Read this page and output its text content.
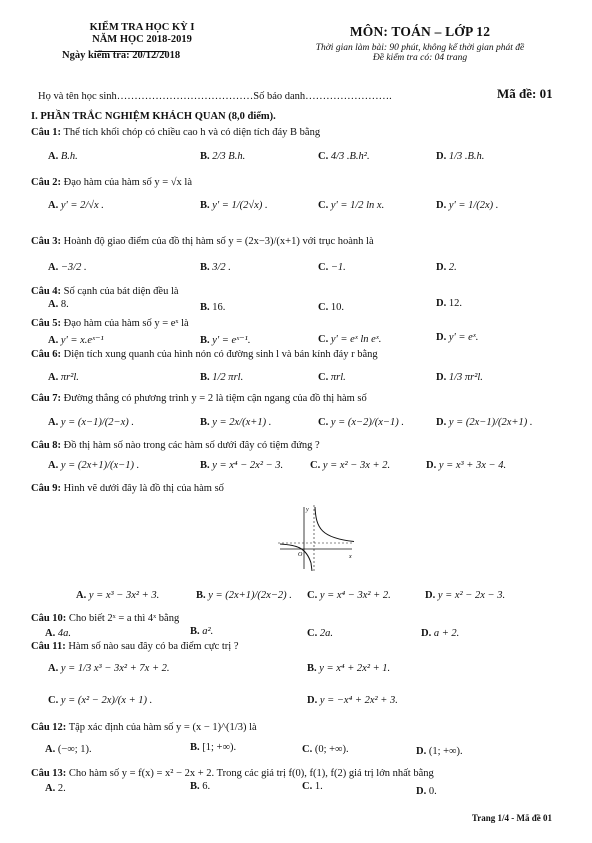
KIỂM TRA HỌC KỲ I
NĂM HỌC 2018-2019
Ngày kiểm tra: 20/12/2018
MÔN: TOÁN – LỚP 12
Thời gian làm bài: 90 phút, không kể thời gian phát đề
Đề kiểm tra có: 04 trang
Họ và tên học sinh…………………………………Số báo danh…………………….	Mã đề: 01
I. PHẦN TRẮC NGHIỆM KHÁCH QUAN (8,0 điểm).
Câu 1: Thể tích khối chóp có chiều cao h và có diện tích đáy B bằng
A. B.h.	B. 2/3 B.h.	C. 4/3 .B.h².	D. 1/3 .B.h.
Câu 2: Đạo hàm của hàm số y = √x là
A. y' = 2/√x .	B. y' = 1/(2√x) .	C. y' = 1/2 ln x.	D. y' = 1/(2x) .
Câu 3: Hoành độ giao điểm của đồ thị hàm số y = (2x−3)/(x+1) với trục hoành là
A. −3/2 .	B. 3/2 .	C. −1.	D. 2.
Câu 4: Số cạnh của bát diện đều là
A. 8.	B. 16.	C. 10.	D. 12.
Câu 5: Đạo hàm của hàm số y = eˣ là
A. y' = x.eˣ⁻¹	B. y' = eˣ⁻¹.	C. y' = eˣ ln eˣ.	D. y' = eˣ.
Câu 6: Diện tích xung quanh của hình nón có đường sinh l và bán kính đáy r bằng
A. πr²l.	B. 1/2 πrl.	C. πrl.	D. 1/3 πr²l.
Câu 7: Đường thẳng có phương trình y = 2 là tiệm cận ngang của đồ thị hàm số
A. y = (x−1)/(2−x) .	B. y = 2x/(x+1) .	C. y = (x−2)/(x−1) .	D. y = (2x−1)/(2x+1) .
Câu 8: Đồ thị hàm số nào trong các hàm số dưới đây có tiệm đứng ?
A. y = (2x+1)/(x−1) .	B. y = x⁴ − 2x² − 3.	C. y = x² − 3x + 2.	D. y = x³ + 3x − 4.
Câu 9: Hình vẽ dưới đây là đồ thị của hàm số
x
y
O
A. y = x³ − 3x² + 3.	B. y = (2x+1)/(2x−2) . C. y = x⁴ − 3x² + 2.	D. y = x² − 2x − 3.
Câu 10: Cho biết 2ˣ = a thì 4ˣ bằng
A. 4a.	B. a².	C. 2a.	D. a + 2.
Câu 11: Hàm số nào sau đây có ba điểm cực trị ?
A. y = 1/3 x³ − 3x² + 7x + 2.	B. y = x⁴ + 2x² + 1.
C. y = (x² − 2x)/(x + 1) .	D. y = −x⁴ + 2x² + 3.
Câu 12: Tập xác định của hàm số y = (x − 1)^(1/3) là
A. (−∞; 1).	B. [1; +∞).	C. (0; +∞).	D. (1; +∞).
Câu 13: Cho hàm số y = f(x) = x² − 2x + 2. Trong các giá trị f(0), f(1), f(2) giá trị lớn nhất bằng
A. 2.	B. 6.	C. 1.	D. 0.
Trang 1/4 - Mã đề 01
